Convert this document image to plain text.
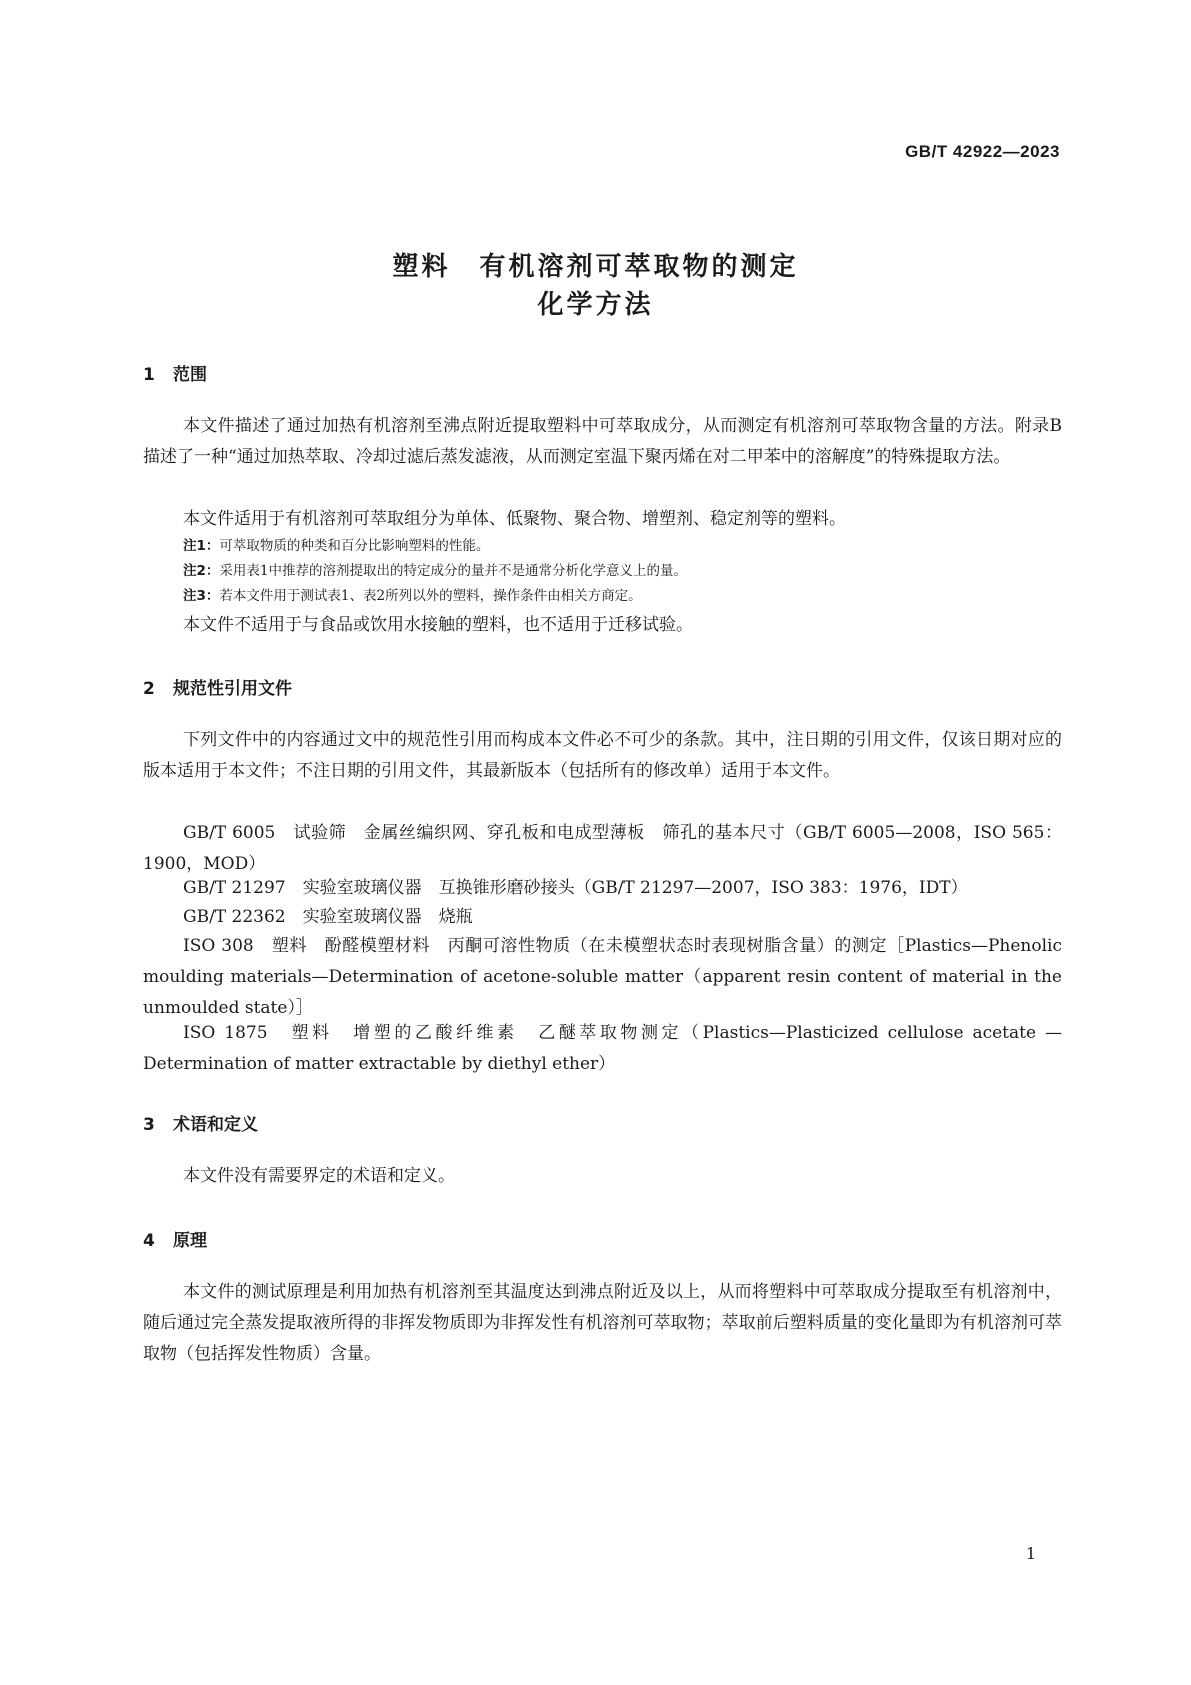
GB/T 42922—2023
塑料　有机溶剂可萃取物的测定
化学方法
1 范围

本文件描述了通过加热有机溶剂至沸点附近提取塑料中可萃取成分，从而测定有机溶剂可萃取物含量的方法。附录B描述了一种“通过加热萃取、冷却过滤后蒸发滤液，从而测定室温下聚丙烯在对二甲苯中的溶解度”的特殊提取方法。

本文件适用于有机溶剂可萃取组分为单体、低聚物、聚合物、增塑剂、稳定剂等的塑料。

注1：可萃取物质的种类和百分比影响塑料的性能。
注2：采用表1中推荐的溶剂提取出的特定成分的量并不是通常分析化学意义上的量。
注3：若本文件用于测试表1、表2所列以外的塑料，操作条件由相关方商定。

本文件不适用于与食品或饮用水接触的塑料，也不适用于迁移试验。

2 规范性引用文件

下列文件中的内容通过文中的规范性引用而构成本文件必不可少的条款。其中，注日期的引用文件，仅该日期对应的版本适用于本文件；不注日期的引用文件，其最新版本（包括所有的修改单）适用于本文件。

GB/T 6005　试验筛　金属丝编织网、穿孔板和电成型薄板　筛孔的基本尺寸（GB/T 6005—2008，ISO 565：1900，MOD）

GB/T 21297　实验室玻璃仪器　互换锥形磨砂接头（GB/T 21297—2007，ISO 383：1976，IDT）

GB/T 22362　实验室玻璃仪器　烧瓶

ISO 308　塑料　酚醛模塑材料　丙酮可溶性物质（在未模塑状态时表现树脂含量）的测定［Plastics—Phenolic moulding materials—Determination of acetone-soluble matter（apparent resin content of material in the unmoulded state）］

ISO 1875　塑料　增塑的乙酸纤维素　乙醚萃取物测定（Plastics—Plasticized cellulose acetate — Determination of matter extractable by diethyl ether）

3 术语和定义

本文件没有需要界定的术语和定义。

4 原理

本文件的测试原理是利用加热有机溶剂至其温度达到沸点附近及以上，从而将塑料中可萃取成分提取至有机溶剂中，随后通过完全蒸发提取液所得的非挥发物质即为非挥发性有机溶剂可萃取物；萃取前后塑料质量的变化量即为有机溶剂可萃取物（包括挥发性物质）含量。

1
